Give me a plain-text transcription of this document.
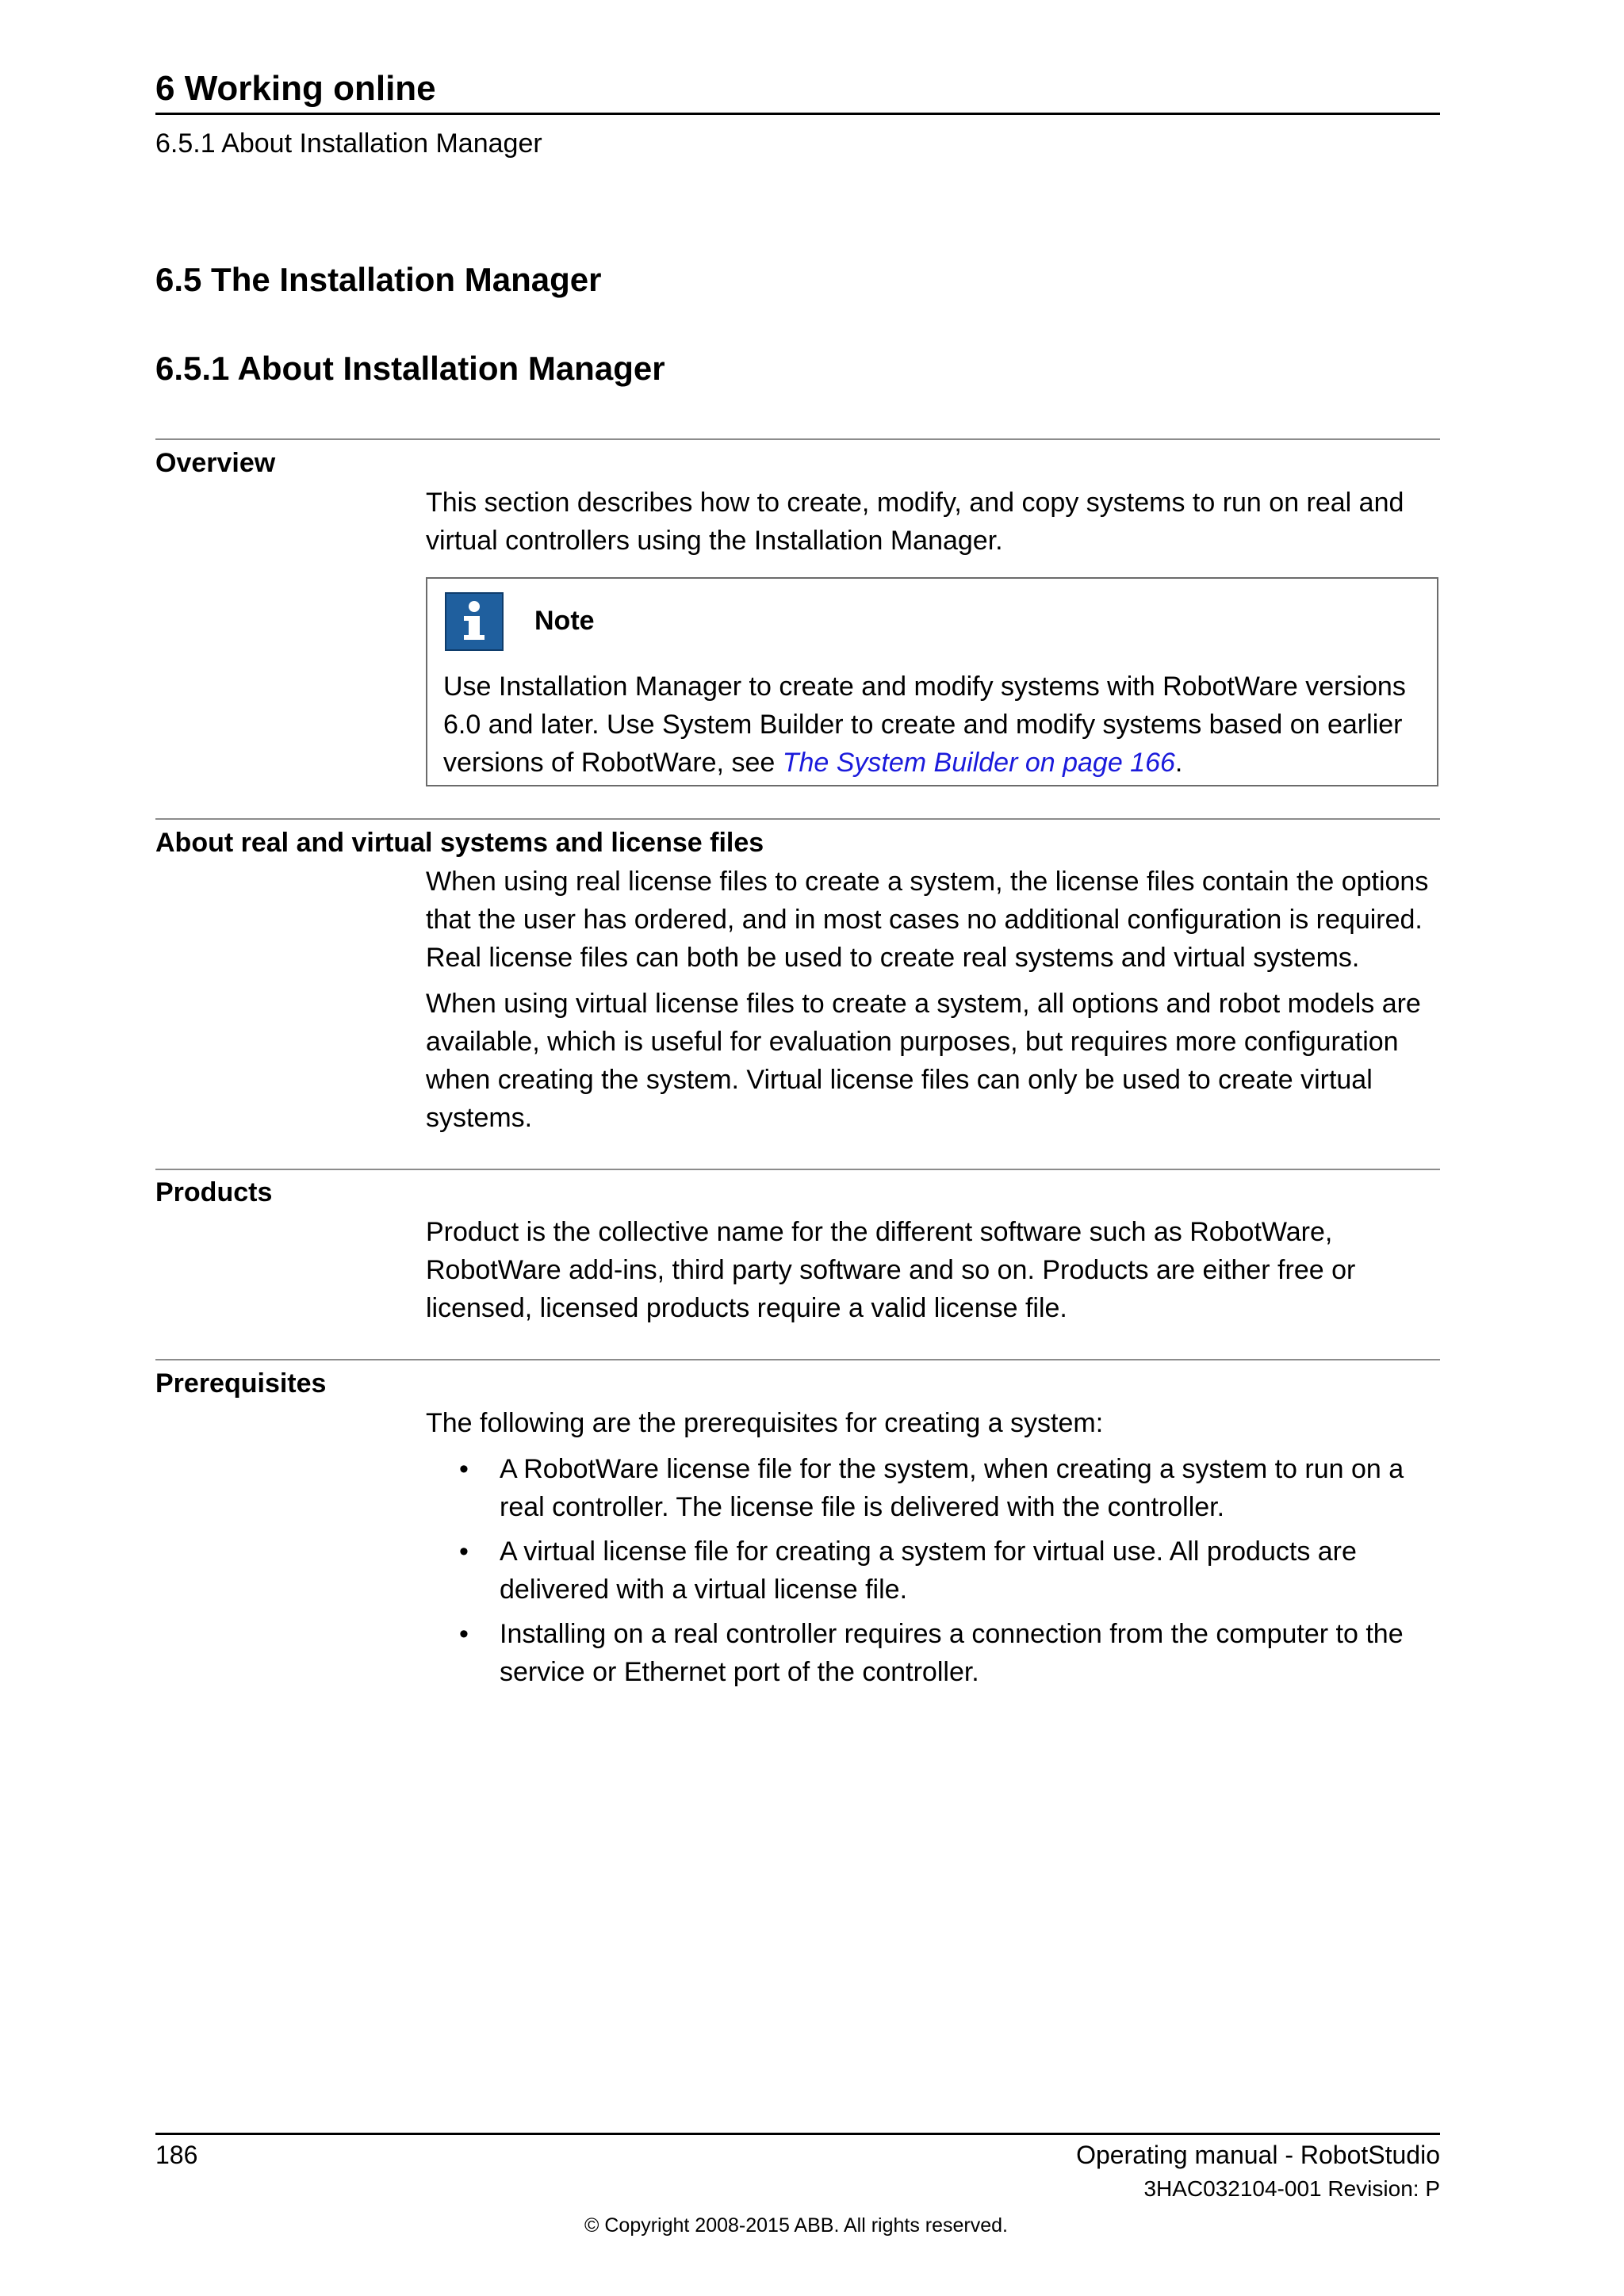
6 Working online
6.5.1 About Installation Manager
6.5 The Installation Manager
6.5.1 About Installation Manager
Overview

This section describes how to create, modify, and copy systems to run on real and virtual controllers using the Installation Manager.

Note
Use Installation Manager to create and modify systems with RobotWare versions 6.0 and later. Use System Builder to create and modify systems based on earlier versions of RobotWare, see The System Builder on page 166.
About real and virtual systems and license files

When using real license files to create a system, the license files contain the options that the user has ordered, and in most cases no additional configuration is required. Real license files can both be used to create real systems and virtual systems.

When using virtual license files to create a system, all options and robot models are available, which is useful for evaluation purposes, but requires more configuration when creating the system. Virtual license files can only be used to create virtual systems.

Products

Product is the collective name for the different software such as RobotWare, RobotWare add-ins, third party software and so on. Products are either free or licensed, licensed products require a valid license file.

Prerequisites

The following are the prerequisites for creating a system:

• A RobotWare license file for the system, when creating a system to run on a real controller. The license file is delivered with the controller.
• A virtual license file for creating a system for virtual use. All products are delivered with a virtual license file.
• Installing on a real controller requires a connection from the computer to the service or Ethernet port of the controller.
186	Operating manual - RobotStudio
3HAC032104-001 Revision: P
© Copyright 2008-2015 ABB. All rights reserved.
